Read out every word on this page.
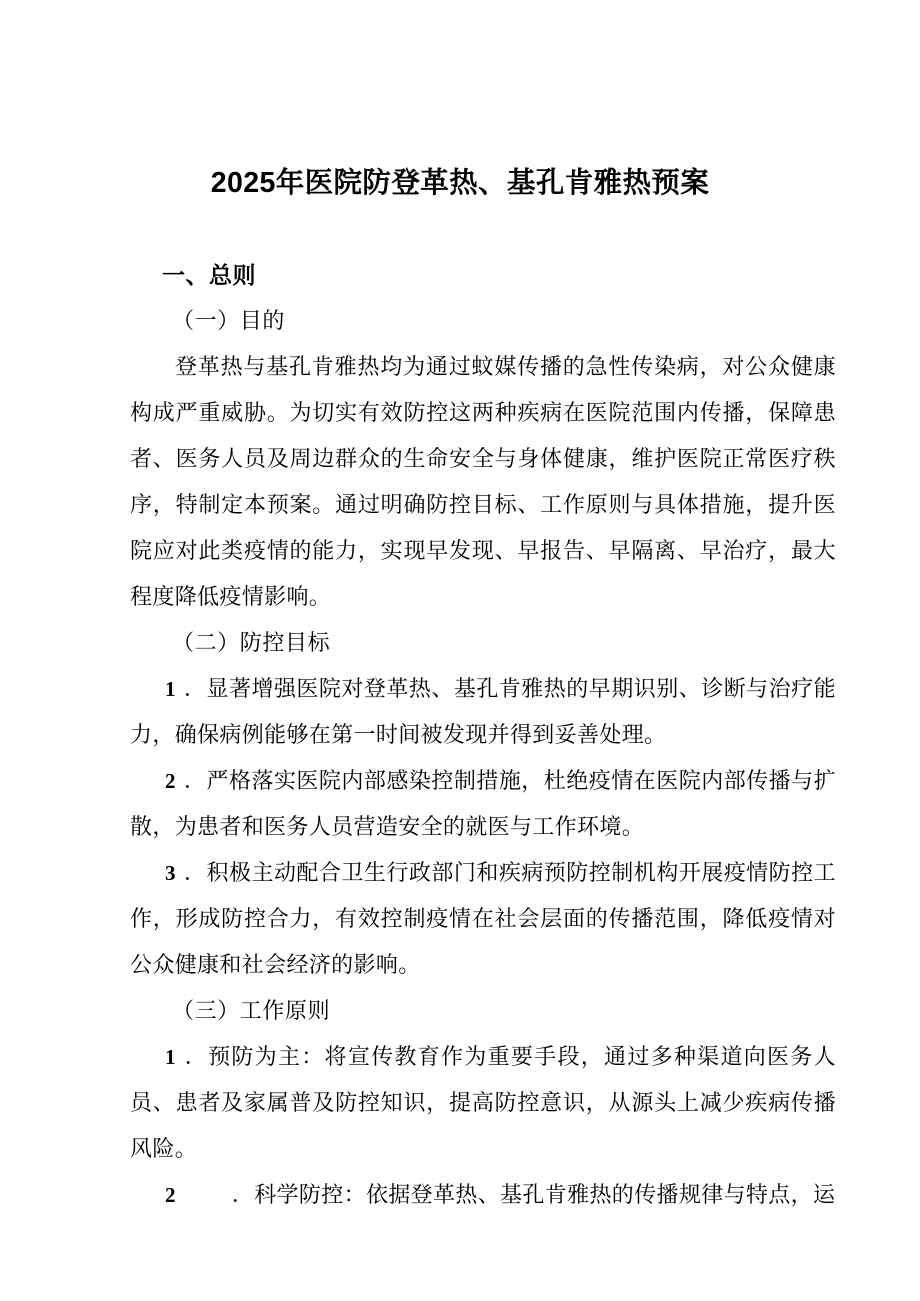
2025年医院防登革热、基孔肯雅热预案

一、总则

（一）目的

登革热与基孔肯雅热均为通过蚊媒传播的急性传染病，对公众健康构成严重威胁。为切实有效防控这两种疾病在医院范围内传播，保障患者、医务人员及周边群众的生命安全与身体健康，维护医院正常医疗秩序，特制定本预案。通过明确防控目标、工作原则与具体措施，提升医院应对此类疫情的能力，实现早发现、早报告、早隔离、早治疗，最大程度降低疫情影响。

（二）防控目标

1 ．显著增强医院对登革热、基孔肯雅热的早期识别、诊断与治疗能力，确保病例能够在第一时间被发现并得到妥善处理。

2 ．严格落实医院内部感染控制措施，杜绝疫情在医院内部传播与扩散，为患者和医务人员营造安全的就医与工作环境。

3 ．积极主动配合卫生行政部门和疾病预防控制机构开展疫情防控工作，形成防控合力，有效控制疫情在社会层面的传播范围，降低疫情对公众健康和社会经济的影响。

（三）工作原则

1 ．预防为主：将宣传教育作为重要手段，通过多种渠道向医务人员、患者及家属普及防控知识，提高防控意识，从源头上减少疾病传播风险。

2	．科学防控：依据登革热、基孔肯雅热的传播规律与特点，运
